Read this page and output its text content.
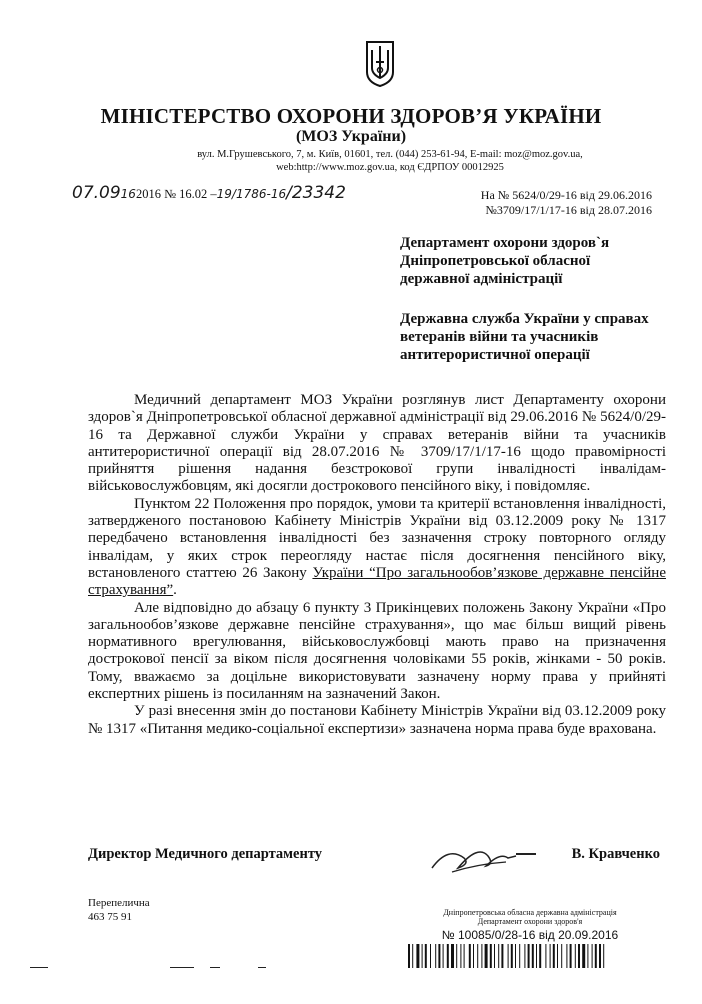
МІНІСТЕРСТВО ОХОРОНИ ЗДОРОВ’Я УКРАЇНИ
(МОЗ України)
вул. М.Грушевського, 7, м. Київ, 01601, тел. (044) 253-61-94, E-mail: moz@moz.gov.ua,
web:http://www.moz.gov.ua, код ЄДРПОУ 00012925
07.09162016 № 16.02 –19/1786-16/23342	На № 5624/0/29-16 від 29.06.2016
№3709/17/1/17-16 від 28.07.2016
Департамент охорони здоров`я Дніпропетровської обласної державної адміністрації
Державна служба України у справах ветеранів війни та учасників антитерористичної операції

Медичний департамент МОЗ України розглянув лист Департаменту охорони здоров`я Дніпропетровської обласної державної адміністрації від 29.06.2016 № 5624/0/29-16 та Державної служби України у справах ветеранів війни та учасників антитерористичної операції від 28.07.2016 № 3709/17/1/17-16 щодо правомірності прийняття рішення надання безстрокової групи інвалідності інвалідам-військовослужбовцям, які досягли дострокового пенсійного віку, і повідомляє.

Пунктом 22 Положення про порядок, умови та критерії встановлення інвалідності, затвердженого постановою Кабінету Міністрів України від 03.12.2009 року № 1317 передбачено встановлення інвалідності без зазначення строку повторного огляду інвалідам, у яких строк переогляду настає після досягнення пенсійного віку, встановленого статтею 26 Закону України “Про загальнообов’язкове державне пенсійне страхування”.

Але відповідно до абзацу 6 пункту 3 Прикінцевих положень Закону України «Про загальнообов’язкове державне пенсійне страхування», що має більш вищий рівень нормативного врегулювання, військовослужбовці мають право на призначення дострокової пенсії за віком після досягнення чоловіками 55 років, жінками - 50 років. Тому, вважаємо за доцільне використовувати зазначену норму права у прийняті експертних рішень із посиланням на зазначений Закон.

У разі внесення змін до постанови Кабінету Міністрів України від 03.12.2009 року № 1317 «Питання медико-соціальної експертизи» зазначена норма права буде врахована.

Директор Медичного департаменту	В. Кравченко
Перепелична
463 75 91	Дніпропетровська обласна державна адміністрація
Департамент охорони здоров'я
№ 10085/0/28-16 від 20.09.2016
